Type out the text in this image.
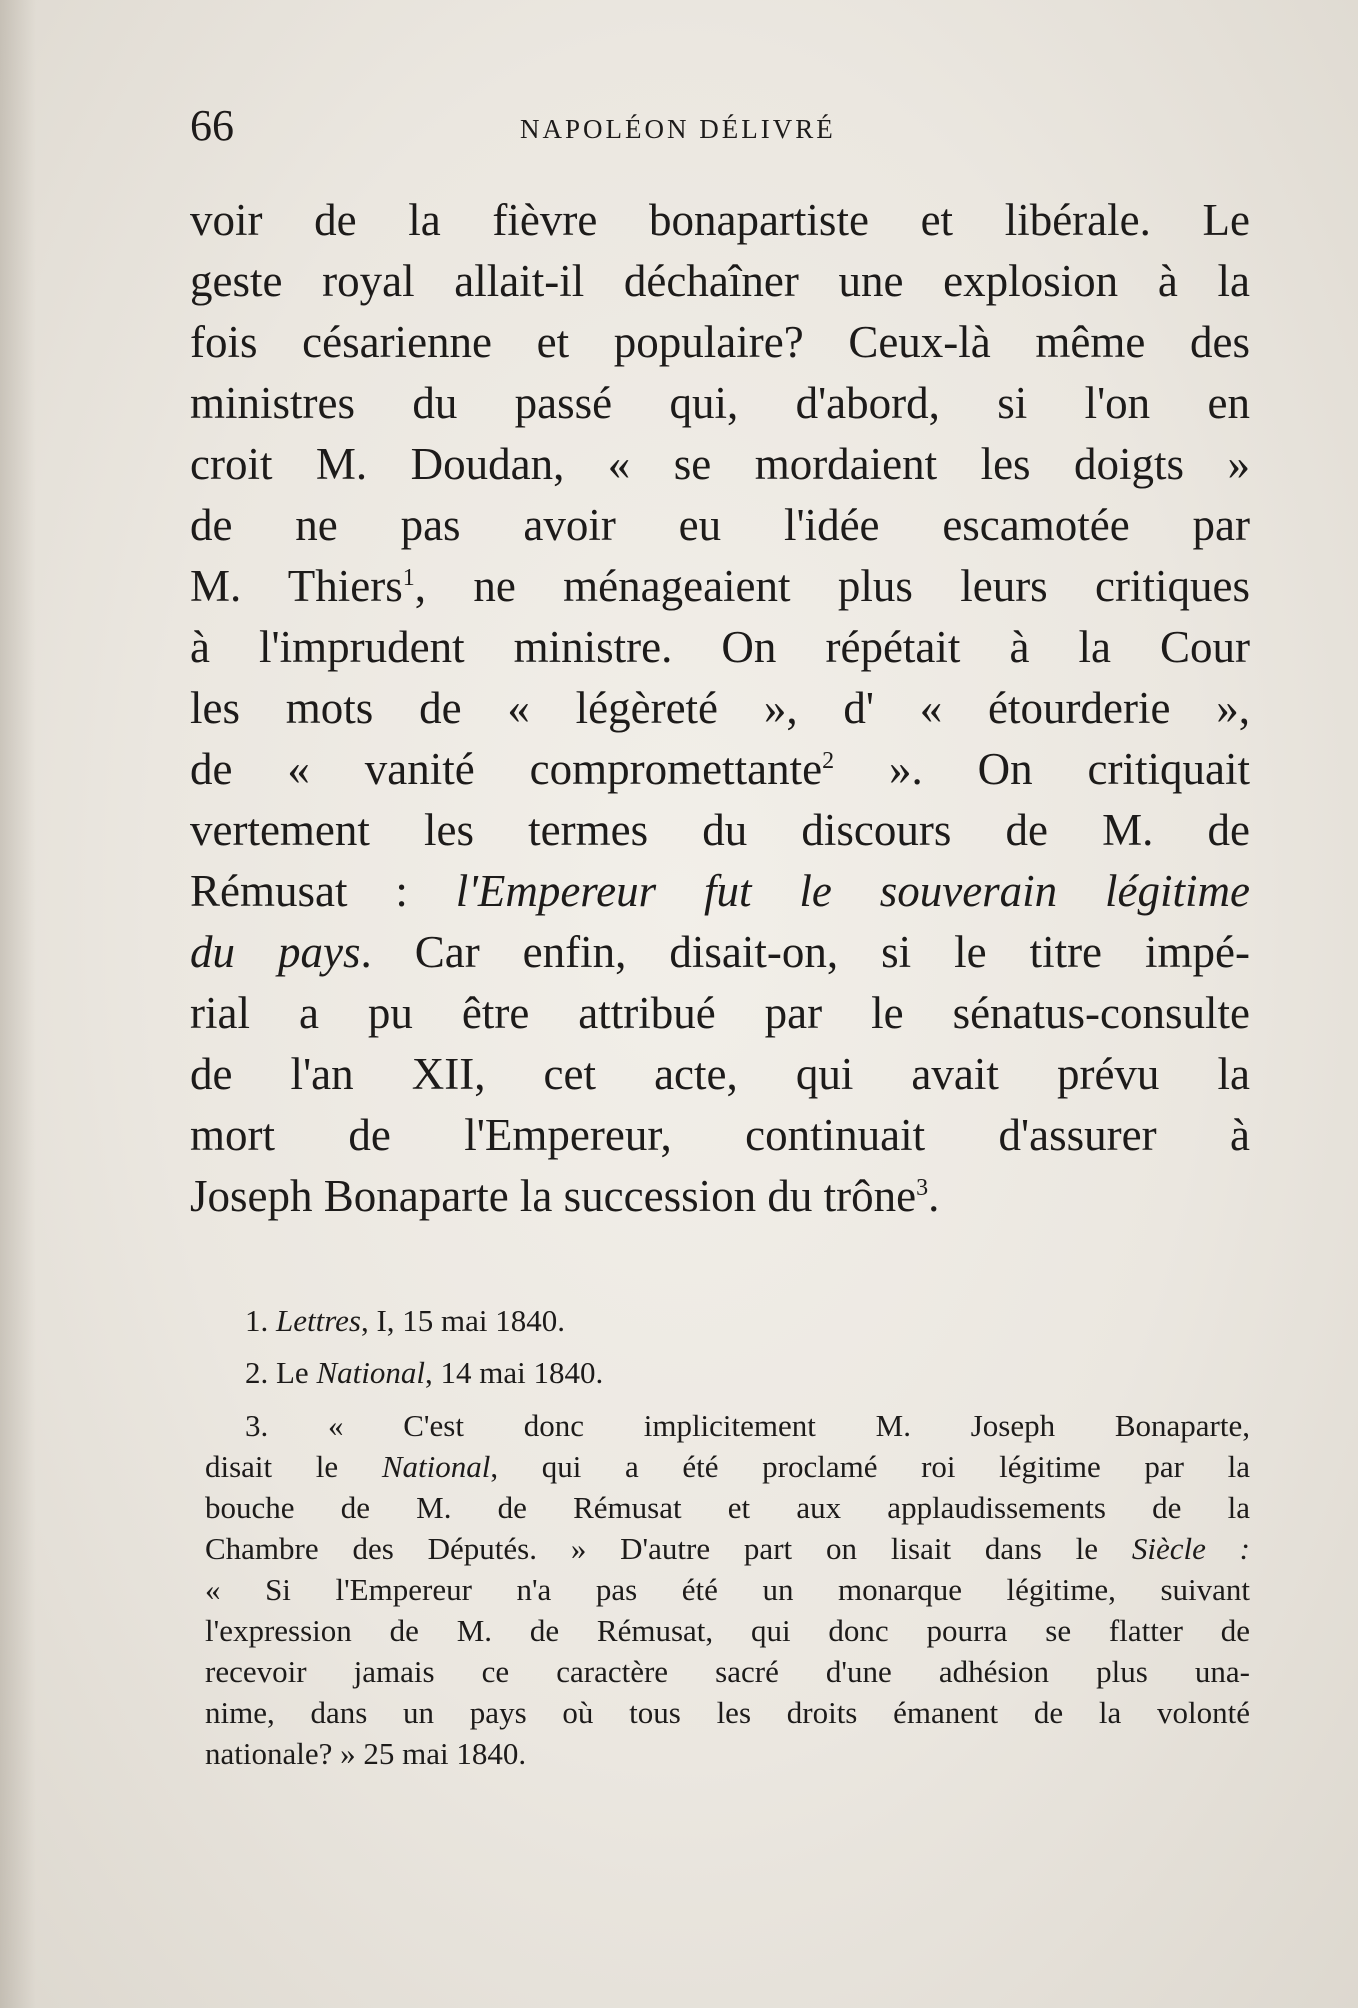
66	NAPOLÉON DÉLIVRÉ
voir de la fièvre bonapartiste et libérale. Le
geste royal allait-il déchaîner une explosion à la
fois césarienne et populaire? Ceux-là même des
ministres du passé qui, d'abord, si l'on en
croit M. Doudan, « se mordaient les doigts »
de ne pas avoir eu l'idée escamotée par
M. Thiers$^1$, ne ménageaient plus leurs critiques
à l'imprudent ministre. On répétait à la Cour
les mots de « légèreté », d' « étourderie »,
de « vanité compromettante$^2$ ». On critiquait
vertement les termes du discours de M. de
Rémusat : l'Empereur fut le souverain légitime
du pays. Car enfin, disait-on, si le titre impé-
rial a pu être attribué par le sénatus-consulte
de l'an XII, cet acte, qui avait prévu la
mort de l'Empereur, continuait d'assurer à
Joseph Bonaparte la succession du trône$^3$.
1. Lettres, I, 15 mai 1840.
2. Le National, 14 mai 1840.
3. « C'est donc implicitement M. Joseph Bonaparte,
disait le National, qui a été proclamé roi légitime par la
bouche de M. de Rémusat et aux applaudissements de la
Chambre des Députés. » D'autre part on lisait dans le Siècle :
« Si l'Empereur n'a pas été un monarque légitime, suivant
l'expression de M. de Rémusat, qui donc pourra se flatter de
recevoir jamais ce caractère sacré d'une adhésion plus una-
nime, dans un pays où tous les droits émanent de la volonté
nationale? » 25 mai 1840.
